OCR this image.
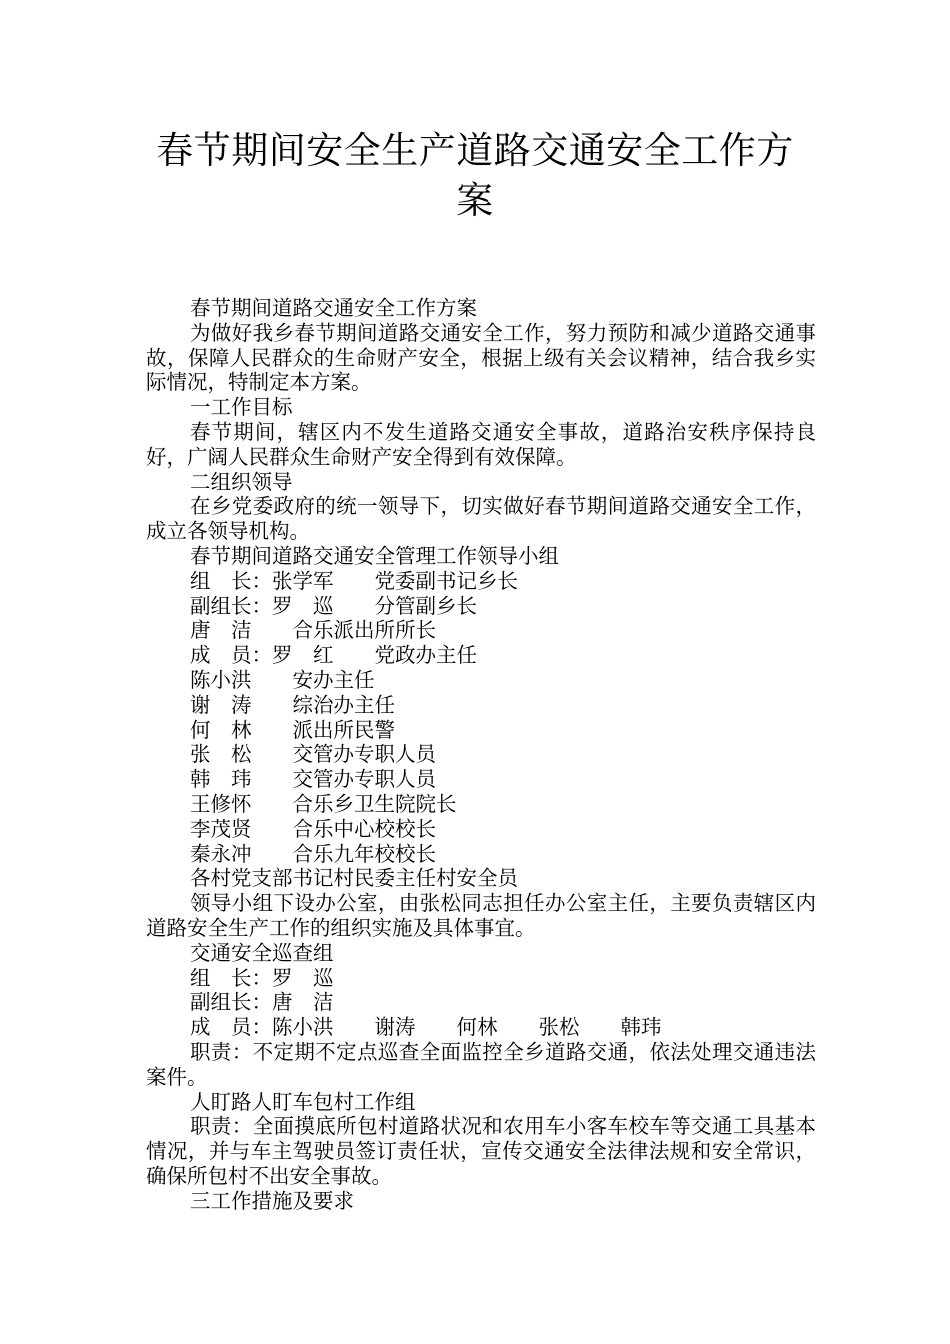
春节期间安全生产道路交通安全工作方
案

春节期间道路交通安全工作方案

为做好我乡春节期间道路交通安全工作，努力预防和减少道路交通事故，保障人民群众的生命财产安全，根据上级有关会议精神，结合我乡实际情况，特制定本方案。

一工作目标

春节期间，辖区内不发生道路交通安全事故，道路治安秩序保持良好，广阔人民群众生命财产安全得到有效保障。

二组织领导

在乡党委政府的统一领导下，切实做好春节期间道路交通安全工作，成立各领导机构。

春节期间道路交通安全管理工作领导小组

组　长：张学军　　党委副书记乡长

副组长：罗　巡　　分管副乡长

唐　洁　　合乐派出所所长

成　员：罗　红　　党政办主任

陈小洪　　安办主任

谢　涛　　综治办主任

何　林　　派出所民警

张　松　　交管办专职人员

韩　玮　　交管办专职人员

王修怀　　合乐乡卫生院院长

李茂贤　　合乐中心校校长

秦永冲　　合乐九年校校长

各村党支部书记村民委主任村安全员

领导小组下设办公室，由张松同志担任办公室主任，主要负责辖区内道路安全生产工作的组织实施及具体事宜。

交通安全巡查组

组　长：罗　巡

副组长：唐　洁

成　员：陈小洪　　谢涛　　何林　　张松　　韩玮

职责：不定期不定点巡查全面监控全乡道路交通，依法处理交通违法案件。

人盯路人盯车包村工作组

职责：全面摸底所包村道路状况和农用车小客车校车等交通工具基本情况，并与车主驾驶员签订责任状，宣传交通安全法律法规和安全常识，确保所包村不出安全事故。

三工作措施及要求
